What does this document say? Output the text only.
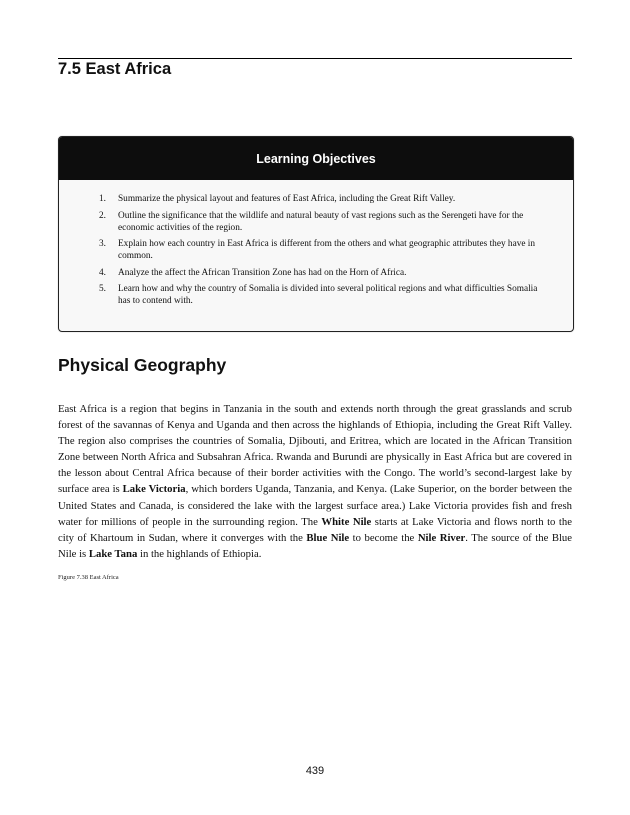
7.5 East Africa
Learning Objectives
1.	Summarize the physical layout and features of East Africa, including the Great Rift Valley.
2.	Outline the significance that the wildlife and natural beauty of vast regions such as the Serengeti have for the economic activities of the region.
3.	Explain how each country in East Africa is different from the others and what geographic attributes they have in common.
4.	Analyze the affect the African Transition Zone has had on the Horn of Africa.
5.	Learn how and why the country of Somalia is divided into several political regions and what difficulties Somalia has to contend with.
Physical Geography

East Africa is a region that begins in Tanzania in the south and extends north through the great grasslands and scrub forest of the savannas of Kenya and Uganda and then across the highlands of Ethiopia, including the Great Rift Valley. The region also comprises the countries of Somalia, Djibouti, and Eritrea, which are located in the African Transition Zone between North Africa and Subsahran Africa. Rwanda and Burundi are physically in East Africa but are covered in the lesson about Central Africa because of their border activities with the Congo. The world’s second-largest lake by surface area is Lake Victoria, which borders Uganda, Tanzania, and Kenya. (Lake Superior, on the border between the United States and Canada, is considered the lake with the largest surface area.) Lake Victoria provides fish and fresh water for millions of people in the surrounding region. The White Nile starts at Lake Victoria and flows north to the city of Khartoum in Sudan, where it converges with the Blue Nile to become the Nile River. The source of the Blue Nile is Lake Tana in the highlands of Ethiopia.

Figure 7.38 East Africa
439
